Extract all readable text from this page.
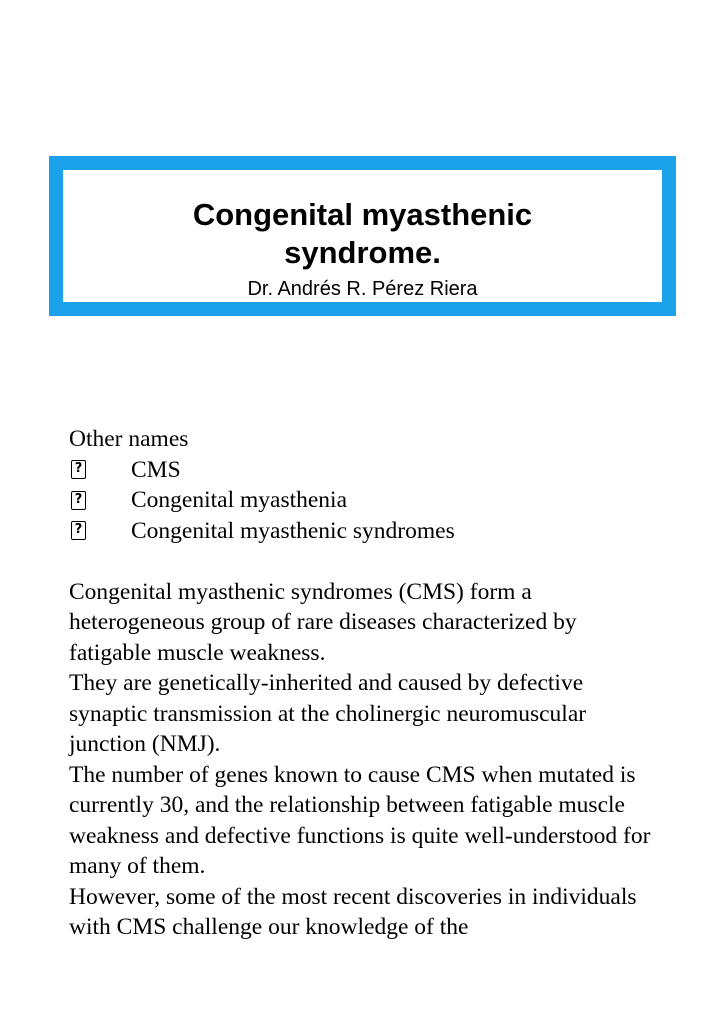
Congenital myasthenic syndrome.
Dr. Andrés R. Pérez Riera
Other names
? CMS
? Congenital myasthenia
? Congenital myasthenic syndromes

Congenital myasthenic syndromes (CMS) form a heterogeneous group of rare diseases characterized by fatigable muscle weakness.

They are genetically-inherited and caused by defective synaptic transmission at the cholinergic neuromuscular junction (NMJ).

The number of genes known to cause CMS when mutated is currently 30, and the relationship between fatigable muscle weakness and defective functions is quite well-understood for many of them.

However, some of the most recent discoveries in individuals with CMS challenge our knowledge of the
